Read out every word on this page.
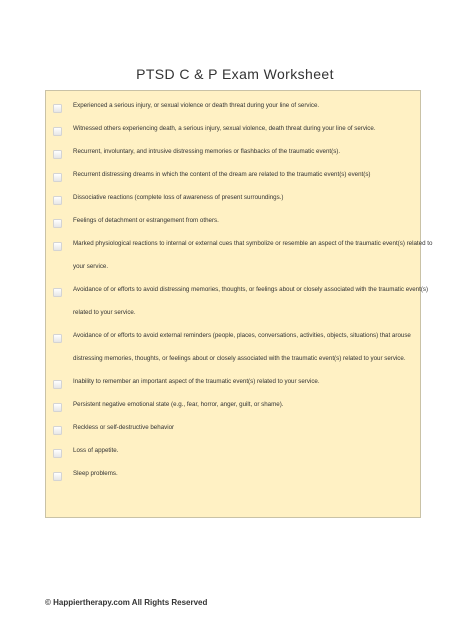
PTSD C & P Exam Worksheet
Experienced a serious injury, or sexual violence or death threat during your line of service.
Witnessed others experiencing death, a serious injury, sexual violence, death threat during your line of service.
Recurrent, involuntary, and intrusive distressing memories or flashbacks of the traumatic event(s).
Recurrent distressing dreams in which the content of the dream are related to the traumatic event(s) event(s)
Dissociative reactions (complete loss of awareness of present surroundings.)
Feelings of detachment or estrangement from others.
Marked physiological reactions to internal or external cues that symbolize or resemble an aspect of the traumatic event(s) related to
your service.
Avoidance of or efforts to avoid distressing memories, thoughts, or feelings about or closely associated with the traumatic event(s)
related to your service.
Avoidance of or efforts to avoid external reminders (people, places, conversations, activities, objects, situations) that arouse
distressing memories, thoughts, or feelings about or closely associated with the traumatic event(s) related to your service.
Inability to remember an important aspect of the traumatic event(s) related to your service.
Persistent negative emotional state (e.g., fear, horror, anger, guilt, or shame).
Reckless or self-destructive behavior
Loss of appetite.
Sleep problems.
© Happiertherapy.com All Rights Reserved
